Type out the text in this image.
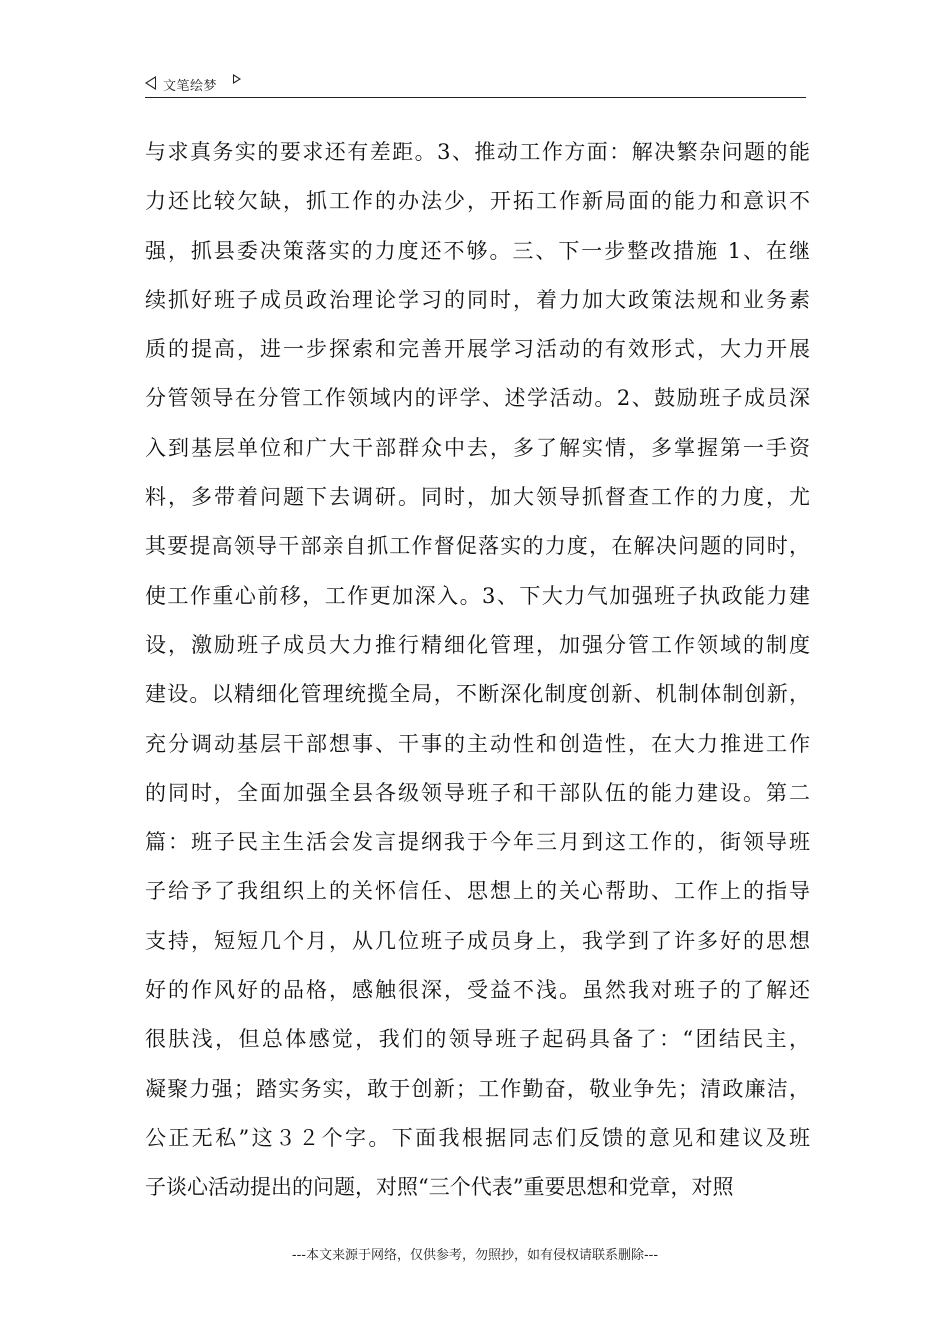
文笔绘梦
与求真务实的要求还有差距。3、推动工作方面：解决繁杂问题的能
力还比较欠缺，抓工作的办法少，开拓工作新局面的能力和意识不
强，抓县委决策落实的力度还不够。三、下一步整改措施 1、在继
续抓好班子成员政治理论学习的同时，着力加大政策法规和业务素
质的提高，进一步探索和完善开展学习活动的有效形式，大力开展
分管领导在分管工作领域内的评学、述学活动。2、鼓励班子成员深
入到基层单位和广大干部群众中去，多了解实情，多掌握第一手资
料，多带着问题下去调研。同时，加大领导抓督查工作的力度，尤
其要提高领导干部亲自抓工作督促落实的力度，在解决问题的同时，
使工作重心前移，工作更加深入。3、下大力气加强班子执政能力建
设，激励班子成员大力推行精细化管理，加强分管工作领域的制度
建设。以精细化管理统揽全局，不断深化制度创新、机制体制创新，
充分调动基层干部想事、干事的主动性和创造性，在大力推进工作
的同时，全面加强全县各级领导班子和干部队伍的能力建设。第二
篇：班子民主生活会发言提纲我于今年三月到这工作的，街领导班
子给予了我组织上的关怀信任、思想上的关心帮助、工作上的指导
支持，短短几个月，从几位班子成员身上，我学到了许多好的思想
好的作风好的品格，感触很深，受益不浅。虽然我对班子的了解还
很肤浅，但总体感觉，我们的领导班子起码具备了：“团结民主，
凝聚力强；踏实务实，敢于创新；工作勤奋，敬业争先；清政廉洁，
公正无私”这３２个字。下面我根据同志们反馈的意见和建议及班
子谈心活动提出的问题，对照“三个代表”重要思想和党章，对照
---本文来源于网络，仅供参考，勿照抄，如有侵权请联系删除---
